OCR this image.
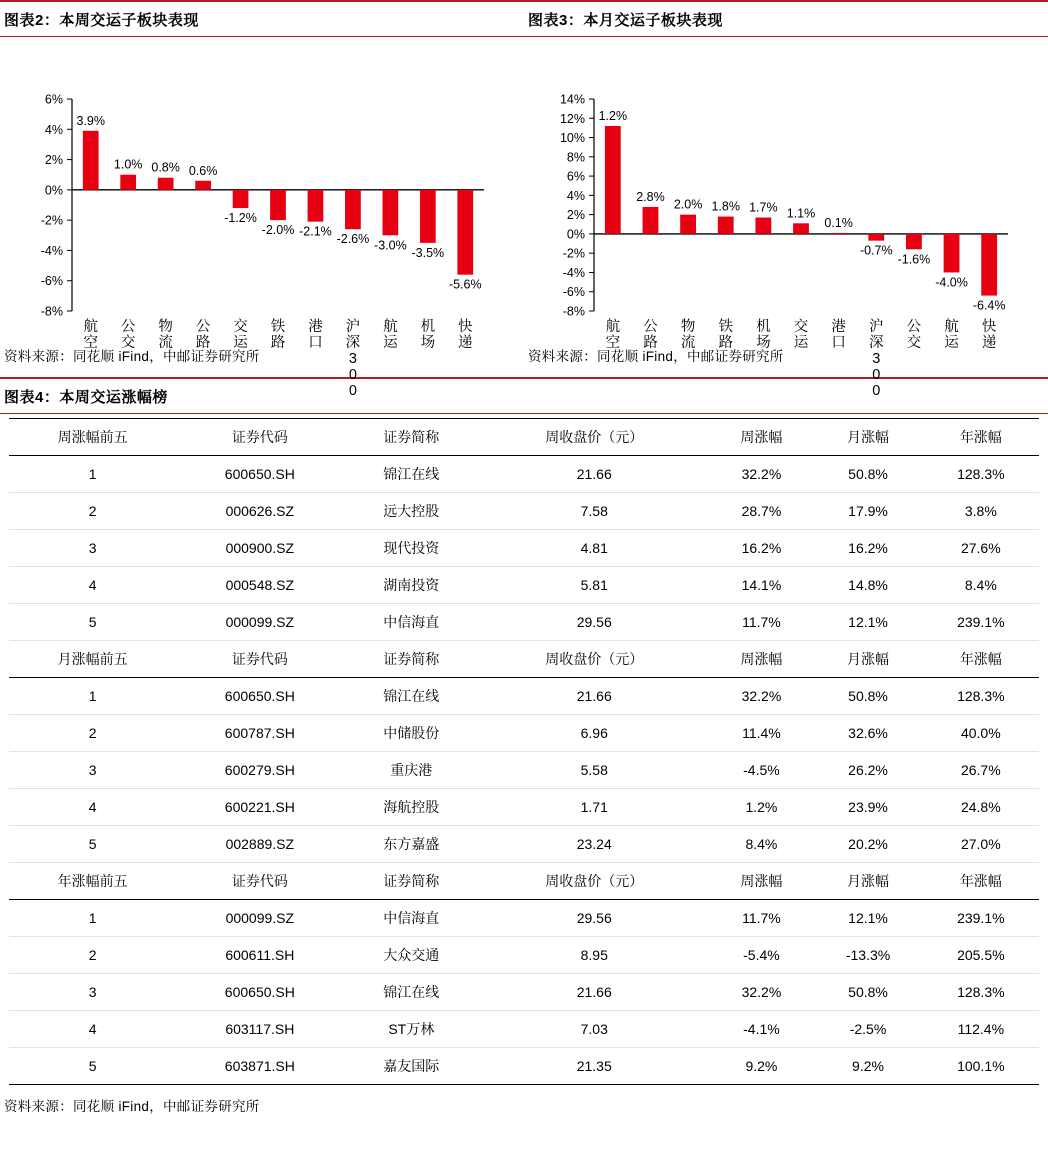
图表2：本周交运子板块表现	图表3：本月交运子板块表现
6%
4%
2%
0%
-2%
-4%
-6%
-8%
3.9%
1.0% 0.8% 0.6%
-1.2%
-2.0% -2.1%
-2.6% -3.0%
-3.5%
-5.6%
航空
公交
物流
公路
交运
铁路
港口
沪深 3 0 0
航运
机场
快递
资料来源：同花顺 iFind，中邮证券研究所
14%
12%
10%
8%
6%
4%
2%
0%
-2%
-4%
-6%
-8%
1.2%
2.8%
2.0% 1.8% 1.7% 1.1%
0.1%
-0.7%
-1.6%
-4.0%
-6.4%
航空
公路
物流
铁路
机场
交运
港口
沪深 3 0 0
公交
航运
快递
资料来源：同花顺 iFind，中邮证券研究所
图表4：本周交运涨幅榜
周涨幅前五	证券代码	证券简称	周收盘价（元）	周涨幅	月涨幅	年涨幅
1	600650.SH	锦江在线	21.66	32.2%	50.8%	128.3%
2	000626.SZ	远大控股	7.58	28.7%	17.9%	3.8%
3	000900.SZ	现代投资	4.81	16.2%	16.2%	27.6%
4	000548.SZ	湖南投资	5.81	14.1%	14.8%	8.4%
5	000099.SZ	中信海直	29.56	11.7%	12.1%	239.1%
月涨幅前五	证券代码	证券简称	周收盘价（元）	周涨幅	月涨幅	年涨幅
1	600650.SH	锦江在线	21.66	32.2%	50.8%	128.3%
2	600787.SH	中储股份	6.96	11.4%	32.6%	40.0%
3	600279.SH	重庆港	5.58	-4.5%	26.2%	26.7%
4	600221.SH	海航控股	1.71	1.2%	23.9%	24.8%
5	002889.SZ	东方嘉盛	23.24	8.4%	20.2%	27.0%
年涨幅前五	证券代码	证券简称	周收盘价（元）	周涨幅	月涨幅	年涨幅
1	000099.SZ	中信海直	29.56	11.7%	12.1%	239.1%
2	600611.SH	大众交通	8.95	-5.4%	-13.3%	205.5%
3	600650.SH	锦江在线	21.66	32.2%	50.8%	128.3%
4	603117.SH	ST万林	7.03	-4.1%	-2.5%	112.4%
5	603871.SH	嘉友国际	21.35	9.2%	9.2%	100.1%
资料来源：同花顺 iFind，中邮证券研究所
